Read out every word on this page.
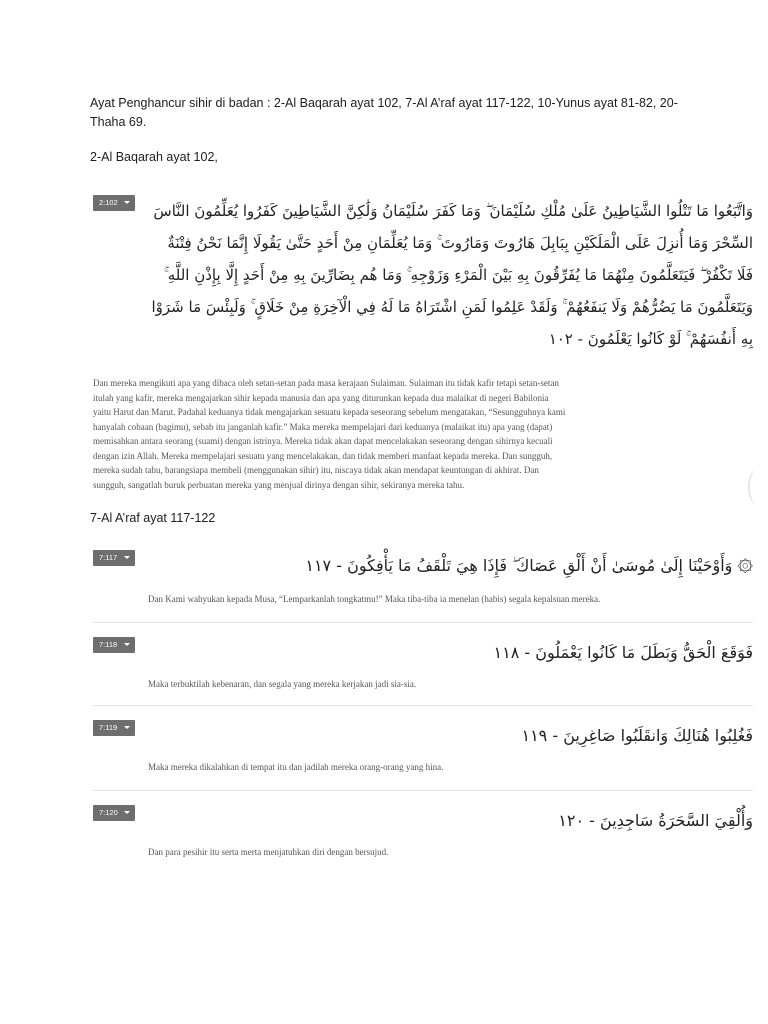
Ayat Penghancur sihir di badan : 2-Al Baqarah ayat 102, 7-Al A’raf ayat 117-122, 10-Yunus ayat 81-82, 20-Thaha 69.
2-Al Baqarah ayat 102,
2:102	وَاتَّبَعُوا مَا تَتْلُوا الشَّيَاطِينُ عَلَىٰ مُلْكِ سُلَيْمَانَ ۖ وَمَا كَفَرَ سُلَيْمَانُ وَلَٰكِنَّ الشَّيَاطِينَ كَفَرُوا يُعَلِّمُونَ النَّاسَ
السِّحْرَ وَمَا أُنزِلَ عَلَى الْمَلَكَيْنِ بِبَابِلَ هَارُوتَ وَمَارُوتَ ۚ وَمَا يُعَلِّمَانِ مِنْ أَحَدٍ حَتَّىٰ يَقُولَا إِنَّمَا نَحْنُ فِتْنَةٌ
فَلَا تَكْفُرْ ۖ فَيَتَعَلَّمُونَ مِنْهُمَا مَا يُفَرِّقُونَ بِهِ بَيْنَ الْمَرْءِ وَزَوْجِهِ ۚ وَمَا هُم بِضَارِّينَ بِهِ مِنْ أَحَدٍ إِلَّا بِإِذْنِ اللَّهِ ۚ
وَيَتَعَلَّمُونَ مَا يَضُرُّهُمْ وَلَا يَنفَعُهُمْ ۚ وَلَقَدْ عَلِمُوا لَمَنِ اشْتَرَاهُ مَا لَهُ فِي الْآخِرَةِ مِنْ خَلَاقٍ ۚ وَلَبِئْسَ مَا شَرَوْا
بِهِ أَنفُسَهُمْ ۚ لَوْ كَانُوا يَعْلَمُونَ - ١٠٢
Dan mereka mengikuti apa yang dibaca oleh setan-setan pada masa kerajaan Sulaiman. Sulaiman itu tidak kafir tetapi setan-setan
itulah yang kafir, mereka mengajarkan sihir kepada manusia dan apa yang diturunkan kepada dua malaikat di negeri Babilonia
yaitu Harut dan Marut. Padahal keduanya tidak mengajarkan sesuatu kepada seseorang sebelum mengatakan, “Sesungguhnya kami
hanyalah cobaan (bagimu), sebab itu janganlah kafir.” Maka mereka mempelajari dari keduanya (malaikat itu) apa yang (dapat)
memisahkan antara seorang (suami) dengan istrinya. Mereka tidak akan dapat mencelakakan seseorang dengan sihirnya kecuali
dengan izin Allah. Mereka mempelajari sesuatu yang mencelakakan, dan tidak memberi manfaat kepada mereka. Dan sungguh,
mereka sudah tahu, barangsiapa membeli (menggunakan sihir) itu, niscaya tidak akan mendapat keuntungan di akhirat. Dan
sungguh, sangatlah buruk perbuatan mereka yang menjual dirinya dengan sihir, sekiranya mereka tahu.
7-Al A’raf ayat 117-122
7:117	۞ وَأَوْحَيْنَا إِلَىٰ مُوسَىٰ أَنْ أَلْقِ عَصَاكَ ۖ فَإِذَا هِيَ تَلْقَفُ مَا يَأْفِكُونَ - ١١٧
Dan Kami wahyukan kepada Musa, “Lemparkanlah tongkatmu!” Maka tiba-tiba ia menelan (habis) segala kepalsuan mereka.
7:118	فَوَقَعَ الْحَقُّ وَبَطَلَ مَا كَانُوا يَعْمَلُونَ - ١١٨
Maka terbuktilah kebenaran, dan segala yang mereka kerjakan jadi sia-sia.
7:119	فَغُلِبُوا هُنَالِكَ وَانقَلَبُوا صَاغِرِينَ - ١١٩
Maka mereka dikalahkan di tempat itu dan jadilah mereka orang-orang yang hina.
7:120	وَأُلْقِيَ السَّحَرَةُ سَاجِدِينَ - ١٢٠
Dan para pesihir itu serta merta menjatuhkan diri dengan bersujud.
